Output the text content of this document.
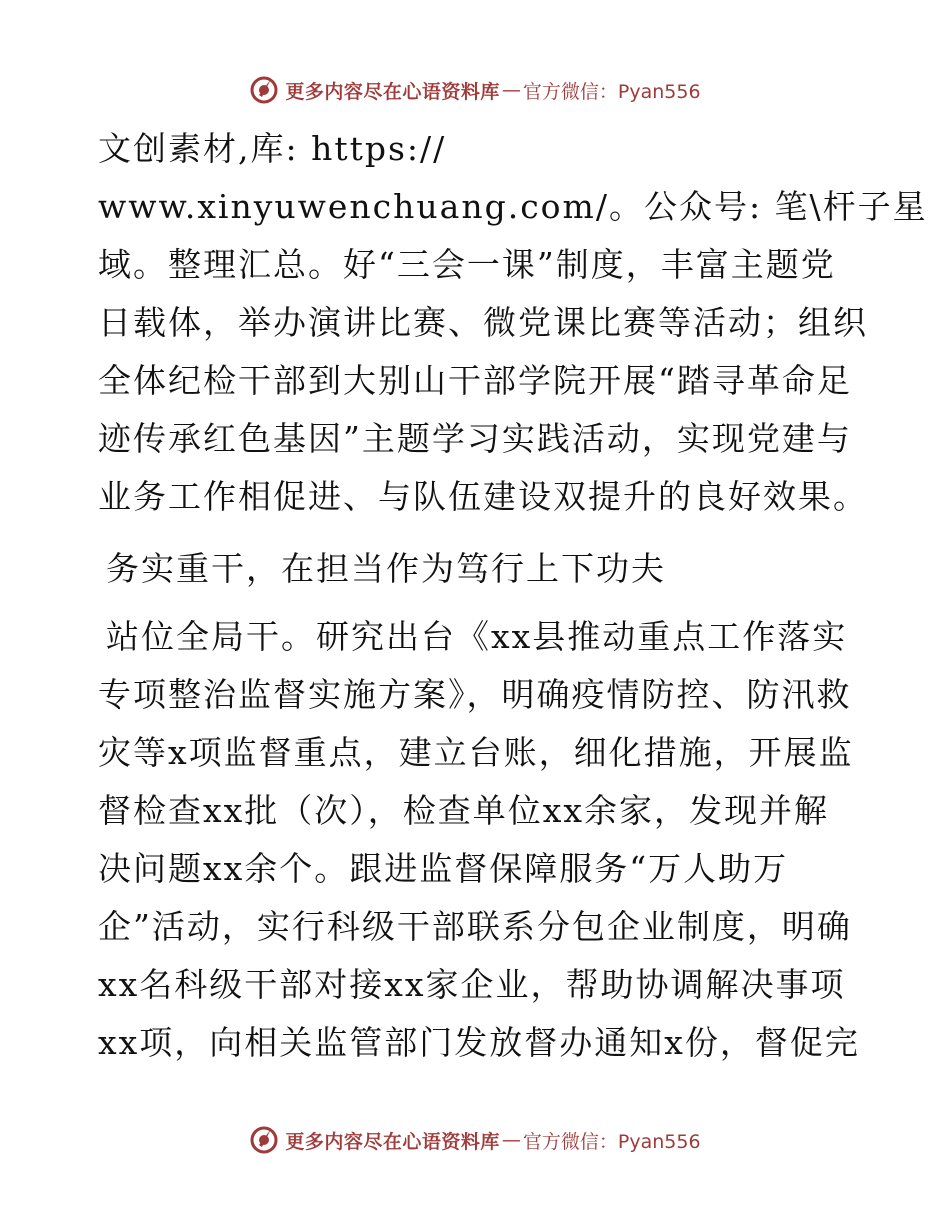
更多内容尽在心语资料库 — 官方微信：Pyan556
文创素材,库: https://
www.xinyuwenchuang.com/。公众号: 笔\杆子星
域。整理汇总。好“三会一课”制度，丰富主题党
日载体，举办演讲比赛、微党课比赛等活动；组织
全体纪检干部到大别山干部学院开展“踏寻革命足
迹传承红色基因”主题学习实践活动，实现党建与
业务工作相促进、与队伍建设双提升的良好效果。
务实重干，在担当作为笃行上下功夫
站位全局干。研究出台《xx县推动重点工作落实
专项整治监督实施方案》，明确疫情防控、防汛救
灾等x项监督重点，建立台账，细化措施，开展监
督检查xx批（次），检查单位xx余家，发现并解
决问题xx余个。跟进监督保障服务“万人助万
企”活动，实行科级干部联系分包企业制度，明确
xx名科级干部对接xx家企业，帮助协调解决事项
xx项，向相关监管部门发放督办通知x份，督促完
更多内容尽在心语资料库 — 官方微信：Pyan556
